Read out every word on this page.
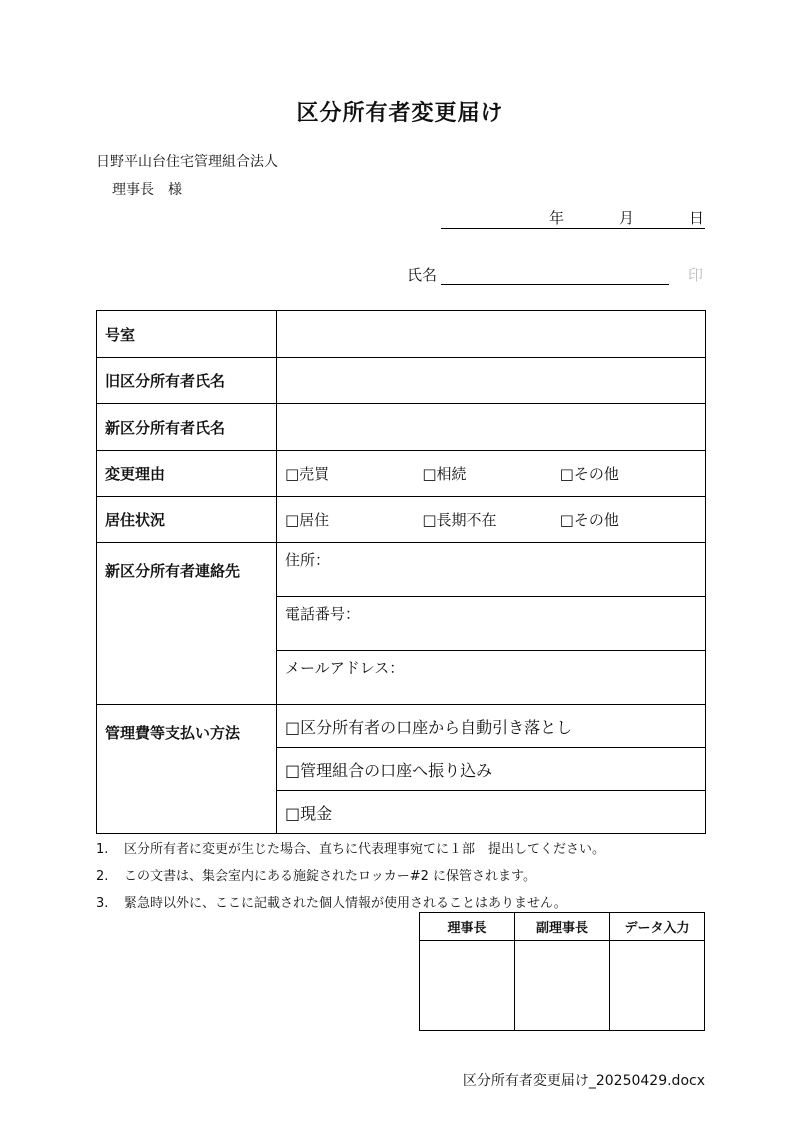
区分所有者変更届け
日野平山台住宅管理組合法人
理事長　様
年	月	日
氏名	印
号室	
旧区分所有者氏名	
新区分所有者氏名	
変更理由	□売買 □相続 □その他

居住状況	□居住 □長期不在 □その他

新区分所有者連絡先	住所：
	電話番号：
	メールアドレス：
管理費等支払い方法	□区分所有者の口座から自動引き落とし
	□管理組合の口座へ振り込み
	□現金
1. 区分所有者に変更が生じた場合、直ちに代表理事宛てに１部　提出してください。
2. この文書は、集会室内にある施錠されたロッカー#2 に保管されます。
3. 緊急時以外に、ここに記載された個人情報が使用されることはありません。
理事長	副理事長	データ入力

区分所有者変更届け_20250429.docx
